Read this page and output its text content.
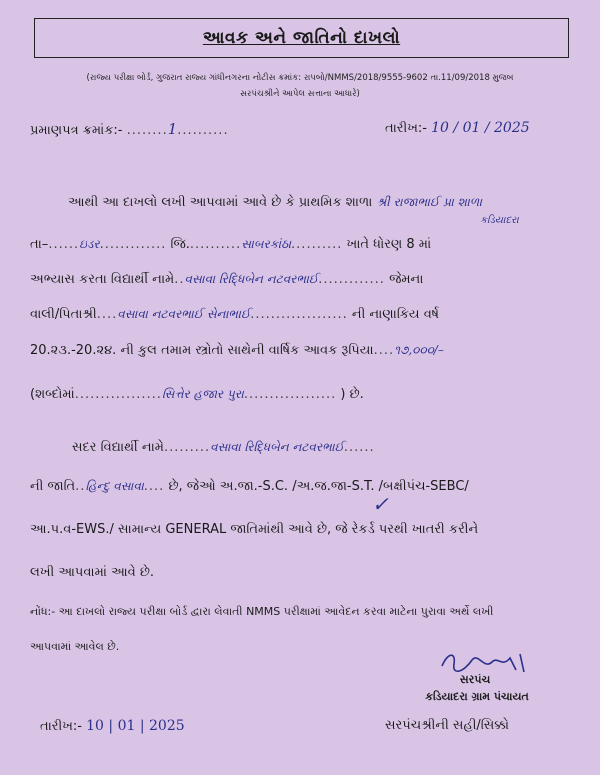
આવક અને જાતિનો દાખલો
(રાજ્ય પરીક્ષા બોર્ડ, ગુજરાત રાજ્ય ગાંધીનગરના નોટીસ ક્રમાંક: રાપબો/NMMS/2018/9555-9602 તા.11/09/2018 મુજબ
સરપંચશ્રીને આપેલ સત્તાના આધારે)
પ્રમાણપત્ર ક્રમાંક:- ........1..........	તારીખ:- 10 / 01 / 2025
આથી આ દાખલો લખી આપવામાં આવે છે કે પ્રાથમિક શાળા શ્રી રાજાભાઈ પ્રા શાળા
કડિયાદરા
તા–......ઇડર............. જિ...........સાબરકાંઠા.......... ખાતે ધોરણ 8 માં
અભ્યાસ કરતા વિદ્યાર્થી નામે..વસાવા રિદ્ધિબેન નટવરભાઈ............. જેમના
વાલી/પિતાશ્રી....વસાવા નટવરભાઈ સેનાભાઈ................... ની નાણાકિય વર્ષ
20.૨૩.-20.૨૪. ની કુલ તમામ સ્ત્રોતો સાથેની વાર્ષિક આવક રૂપિયા....૧૭,૦૦૦/–
(શબ્દોમાં.................સિત્તેર હજાર પુરા.................. ) છે.
સદર વિદ્યાર્થી નામે.........વસાવા રિદ્ધિબેન નટવરભાઈ......
ની જાતિ..હિન્દુ વસાવા.... છે, જેઓ અ.જા.-S.C. /અ.જ.જા-S.T. /બક્ષીપંચ-SEBC/
✓
આ.પ.વ-EWS./ સામાન્ય GENERAL જાતિમાંથી આવે છે, જે રેકર્ડ પરથી ખાતરી કરીને
લખી આપવામાં આવે છે.
નોંધ:- આ દાખલો રાજ્ય પરીક્ષા બોર્ડ દ્વારા લેવાતી NMMS પરીક્ષામાં આવેદન કરવા માટેના પુરાવા અર્થે લખી
આપવામાં આવેલ છે.
સરપંચ
કડિયાદરા ગ્રામ પંચાયત
તારીખ:- 10 | 01 | 2025	સરપંચશ્રીની સહી/સિક્કો
